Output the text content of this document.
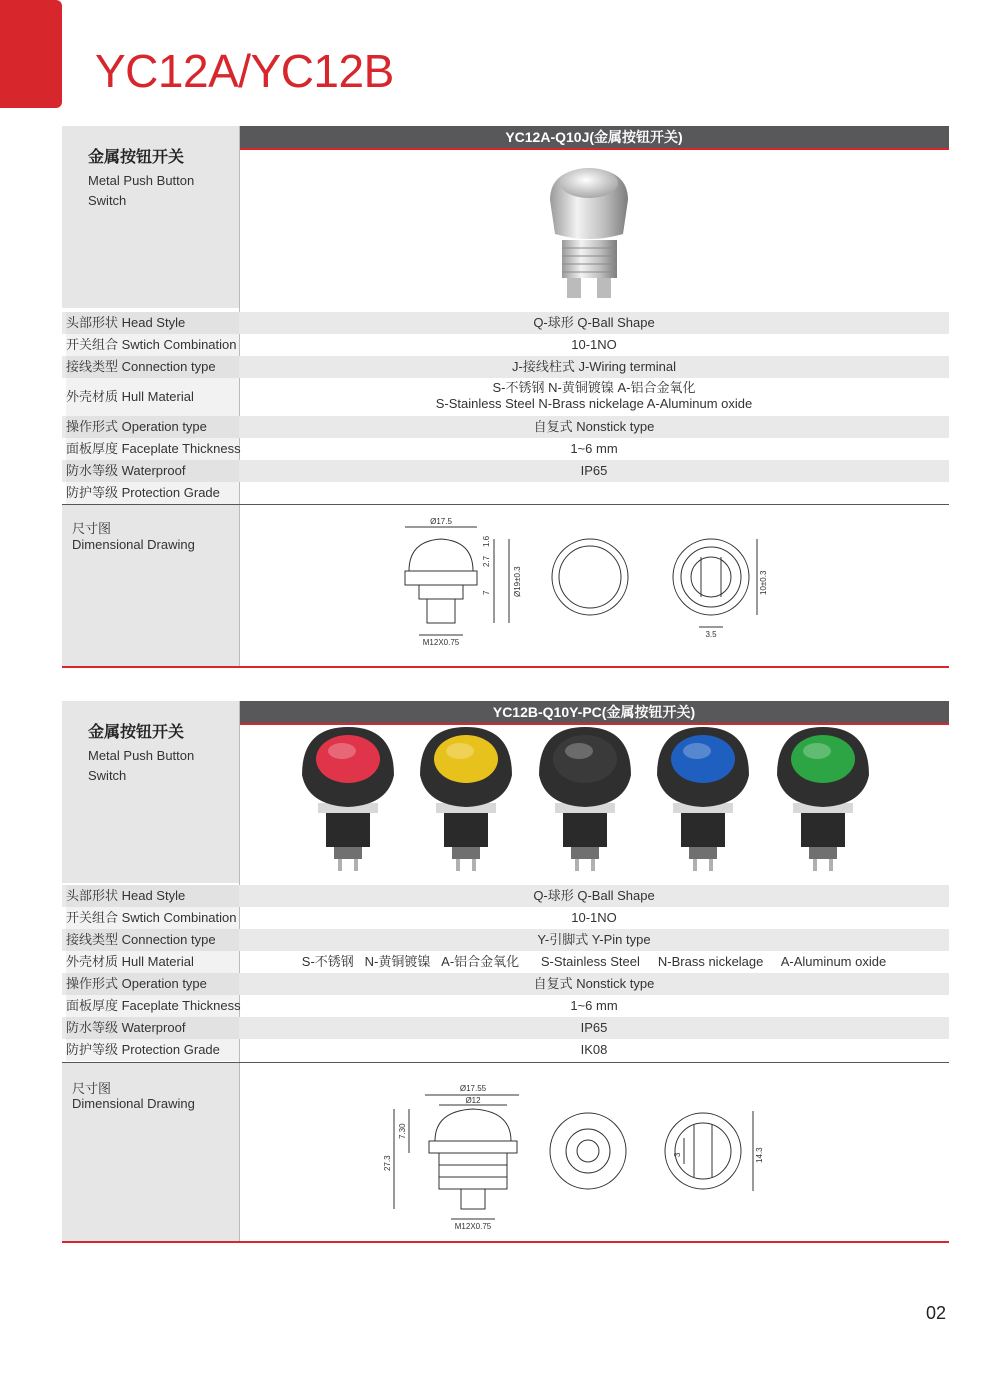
YC12A/YC12B
金属按钮开关
Metal Push Button Switch
YC12A-Q10J(金属按钮开关)
头部形状 Head Style	Q-球形 Q-Ball Shape
开关组合 Swtich Combination	10-1NO
接线类型 Connection type	J-接线柱式 J-Wiring terminal
外壳材质 Hull Material
S-不锈钢 N-黄铜镀镍 A-铝合金氧化
S-Stainless Steel N-Brass nickelage A-Aluminum oxide
操作形式 Operation type	自复式 Nonstick type
面板厚度 Faceplate Thickness	1~6 mm
防水等级 Waterproof	IP65
防护等级 Protection Grade
尺寸图
Dimensional Drawing
Ø17.5
1.6
2.7
7	Ø19±0.3
M12X0.75
10±0.3
3.5
金属按钮开关
Metal Push Button Switch
YC12B-Q10Y-PC(金属按钮开关)
头部形状 Head Style	Q-球形 Q-Ball Shape
开关组合 Swtich Combination	10-1NO
接线类型 Connection type	Y-引脚式 Y-Pin type
外壳材质 Hull Material	S-不锈钢   N-黄铜镀镍   A-铝合金氧化      S-Stainless Steel     N-Brass nickelage     A-Aluminum oxide
操作形式 Operation type	自复式 Nonstick type
面板厚度 Faceplate Thickness	1~6 mm
防水等级 Waterproof	IP65
防护等级 Protection Grade	IK08
尺寸图
Dimensional Drawing
Ø17.55
Ø12
7.30
27.3
M12X0.75
3	14.3
02
